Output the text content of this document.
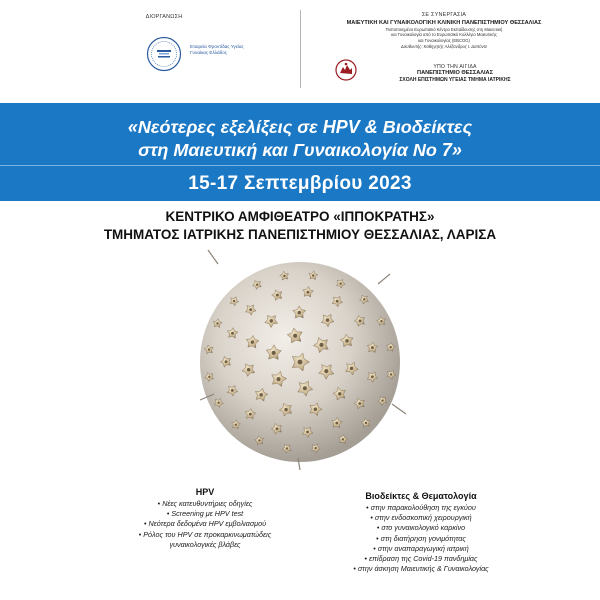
ΔΙΟΡΓΑΝΩΣΗ
Εταιρεία Φροντίδας Υγείας Γυναίκας Ελλάδος
ΣΕ ΣΥΝΕΡΓΑΣΙΑ
ΜΑΙΕΥΤΙΚΗ ΚΑΙ ΓΥΝΑΙΚΟΛΟΓΙΚΗ ΚΛΙΝΙΚΗ ΠΑΝΕΠΙΣΤΗΜΙΟΥ ΘΕΣΣΑΛΙΑΣ
Πιστοποιημένο Ευρωπαϊκό Κέντρο Εκπαίδευσης στη Μαιευτική
και Γυναικολογία από το Ευρωπαϊκό Κολλέγιο Μαιευτικής
και Γυναικολογίας (EBCOG)
Διευθυντής: Καθηγητής Αλέξανδρος Ι. Δαπόντε
ΥΠΟ ΤΗΝ ΑΙΓΙΔΑ
ΠΑΝΕΠΙΣΤΗΜΙΟ ΘΕΣΣΑΛΙΑΣ
ΣΧΟΛΗ ΕΠΙΣΤΗΜΩΝ ΥΓΕΙΑΣ ΤΜΗΜΑ ΙΑΤΡΙΚΗΣ
«Νεότερες εξελίξεις σε HPV & Βιοδείκτες
στη Μαιευτική και Γυναικολογία Νο 7»
15-17 Σεπτεμβρίου 2023
ΚΕΝΤΡΙΚΟ ΑΜΦΙΘΕΑΤΡΟ «ΙΠΠΟΚΡΑΤΗΣ»
ΤΜΗΜΑΤΟΣ ΙΑΤΡΙΚΗΣ ΠΑΝΕΠΙΣΤΗΜΙΟΥ ΘΕΣΣΑΛΙΑΣ, ΛΑΡΙΣΑ
HPV
• Νέες κατευθυντήριες οδηγίες
• Screening με HPV test
• Νεότερα δεδομένα HPV εμβολιασμού
• Ρόλος του HPV σε προκαρκινωματώδεις
γυναικολογικές βλάβες
Βιοδείκτες & Θεματολογία
• στην παρακολούθηση της εγκύου
• στην ενδοσκοπική χειρουργική
• στο γυναικολογικό καρκίνο
• στη διατήρηση γονιμότητας
• στην αναπαραγωγική ιατρική
• επίδραση της Covid-19 πανδημίας
• στην άσκηση Μαιευτικής & Γυναικολογίας
